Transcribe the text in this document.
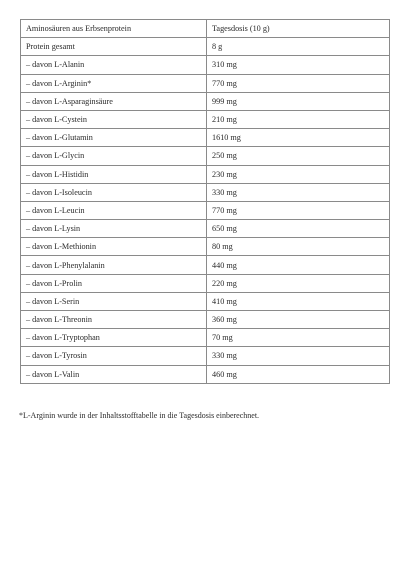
Aminosäuren aus Erbsenprotein	Tagesdosis (10 g)
Protein gesamt	8 g
– davon L-Alanin	310 mg
– davon L-Arginin*	770 mg
– davon L-Asparaginsäure	999 mg
– davon L-Cystein	210 mg
– davon L-Glutamin	1610 mg
– davon L-Glycin	250 mg
– davon L-Histidin	230 mg
– davon L-Isoleucin	330 mg
– davon L-Leucin	770 mg
– davon L-Lysin	650 mg
– davon L-Methionin	80 mg
– davon L-Phenylalanin	440 mg
– davon L-Prolin	220 mg
– davon L-Serin	410 mg
– davon L-Threonin	360 mg
– davon L-Tryptophan	70 mg
– davon L-Tyrosin	330 mg
– davon L-Valin	460 mg
*L-Arginin wurde in der Inhaltsstofftabelle in die Tagesdosis einberechnet.
